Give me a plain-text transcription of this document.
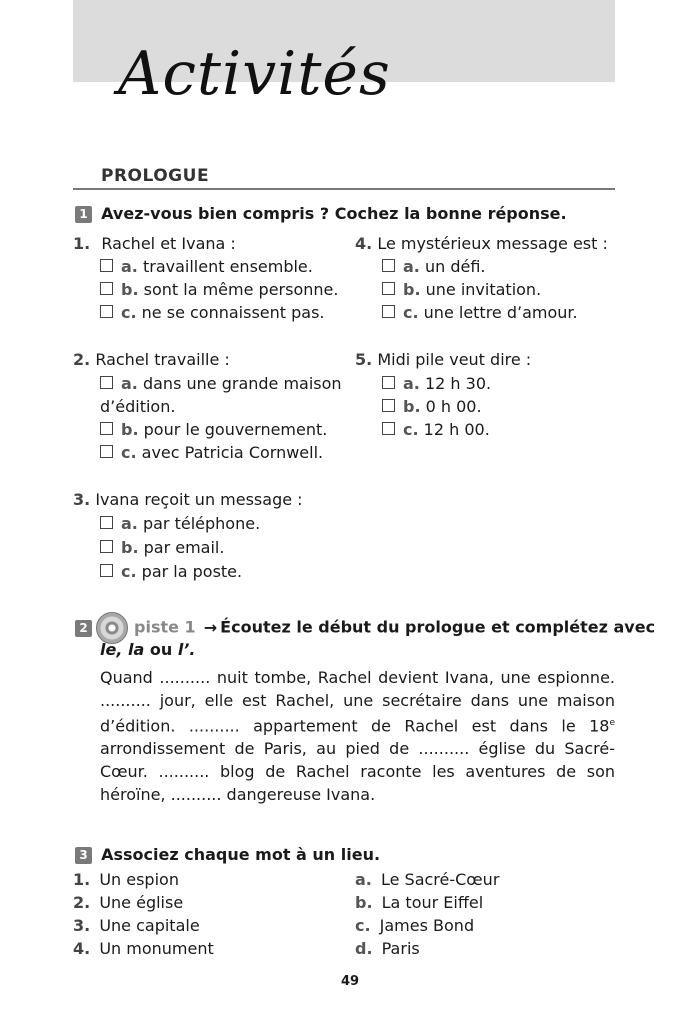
Activités
PROLOGUE
1 Avez-vous bien compris ? Cochez la bonne réponse.
1. Rachel et Ivana :
a. travaillent ensemble.
b. sont la même personne.
c. ne se connaissent pas.
4. Le mystérieux message est :
a. un défi.
b. une invitation.
c. une lettre d’amour.
2. Rachel travaille :
a. dans une grande maison
d’édition.
b. pour le gouvernement.
c. avec Patricia Cornwell.
5. Midi pile veut dire :
a. 12 h 30.
b. 0 h 00.
c. 12 h 00.
3. Ivana reçoit un message :
a. par téléphone.
b. par email.
c. par la poste.
2	piste 1 → Écoutez le début du prologue et complétez avec
le, la ou l’.
Quand .......... nuit tombe, Rachel devient Ivana, une espionne. .......... jour, elle est Rachel, une secrétaire dans une maison d’édition. .......... appartement de Rachel est dans le 18e arrondissement de Paris, au pied de .......... église du Sacré-Cœur. .......... blog de Rachel raconte les aventures de son héroïne, .......... dangereuse Ivana.
3 Associez chaque mot à un lieu.
1. Un espion
2. Une église
3. Une capitale
4. Un monument
a. Le Sacré-Cœur
b. La tour Eiffel
c. James Bond
d. Paris
49
